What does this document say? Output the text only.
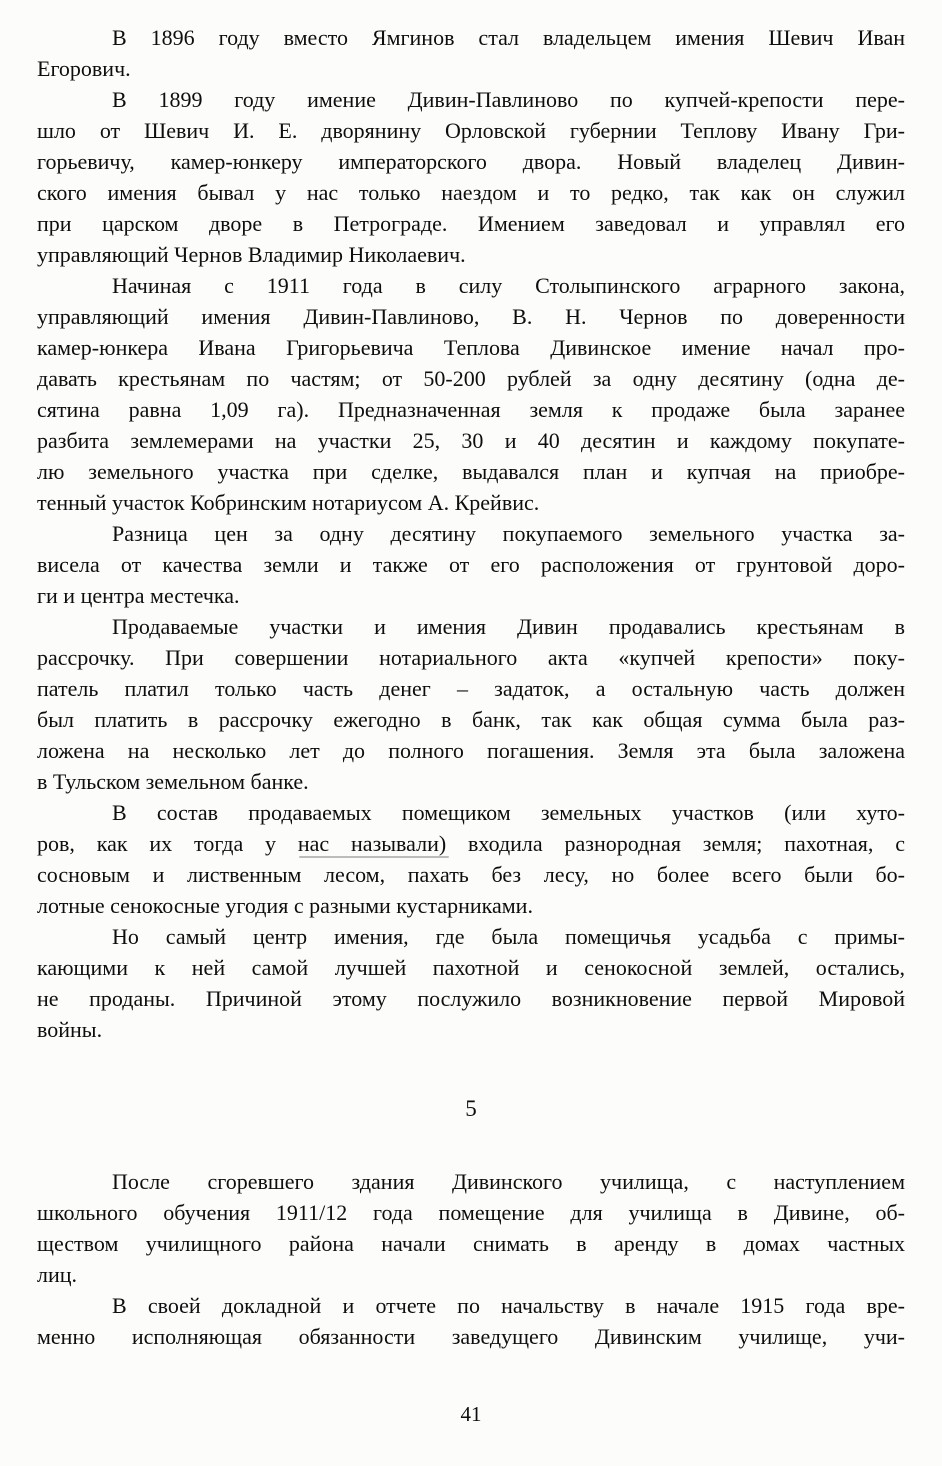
В 1896 году вместо Ямгинов стал владельцем имения Шевич Иван
Егорович.
В 1899 году имение Дивин-Павлиново по купчей-крепости пере-
шло от Шевич И. Е. дворянину Орловской губернии Теплову Ивану Гри-
горьевичу, камер-юнкеру императорского двора. Новый владелец Дивин-
ского имения бывал у нас только наездом и то редко, так как он служил
при царском дворе в Петрограде. Имением заведовал и управлял его
управляющий Чернов Владимир Николаевич.
Начиная с 1911 года в силу Столыпинского аграрного закона,
управляющий имения Дивин-Павлиново, В. Н. Чернов по доверенности
камер-юнкера Ивана Григорьевича Теплова Дивинское имение начал про-
давать крестьянам по частям; от 50-200 рублей за одну десятину (одна де-
сятина равна 1,09 га). Предназначенная земля к продаже была заранее
разбита землемерами на участки 25, 30 и 40 десятин и каждому покупате-
лю земельного участка при сделке, выдавался план и купчая на приобре-
тенный участок Кобринским нотариусом А. Крейвис.
Разница цен за одну десятину покупаемого земельного участка за-
висела от качества земли и также от его расположения от грунтовой доро-
ги и центра местечка.
Продаваемые участки и имения Дивин продавались крестьянам в
рассрочку. При совершении нотариального акта «купчей крепости» поку-
патель платил только часть денег – задаток, а остальную часть должен
был платить в рассрочку ежегодно в банк, так как общая сумма была раз-
ложена на несколько лет до полного погашения. Земля эта была заложена
в Тульском земельном банке.
В состав продаваемых помещиком земельных участков (или хуто-
ров, как их тогда у нас называли) входила разнородная земля; пахотная, с
сосновым и лиственным лесом, пахать без лесу, но более всего были бо-
лотные сенокосные угодия с разными кустарниками.
Но самый центр имения, где была помещичья усадьба с примы-
кающими к ней самой лучшей пахотной и сенокосной землей, остались,
не проданы. Причиной этому послужило возникновение первой Мировой
войны.
5
После сгоревшего здания Дивинского училища, с наступлением
школьного обучения 1911/12 года помещение для училища в Дивине, об-
ществом училищного района начали снимать в аренду в домах частных
лиц.
В своей докладной и отчете по начальству в начале 1915 года вре-
менно исполняющая обязанности заведущего Дивинским училище, учи-
41
